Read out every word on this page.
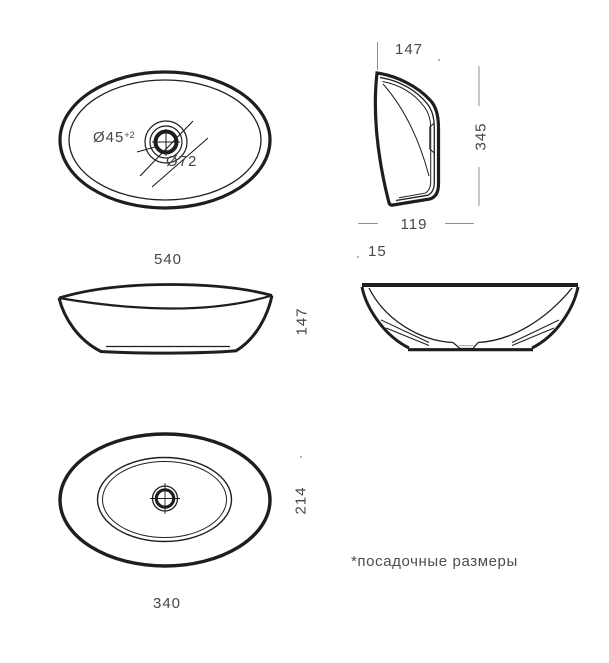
$Ø45^{+2}$
Ø72
540
147
345
119
15
147
214
340
*посадочные размеры
